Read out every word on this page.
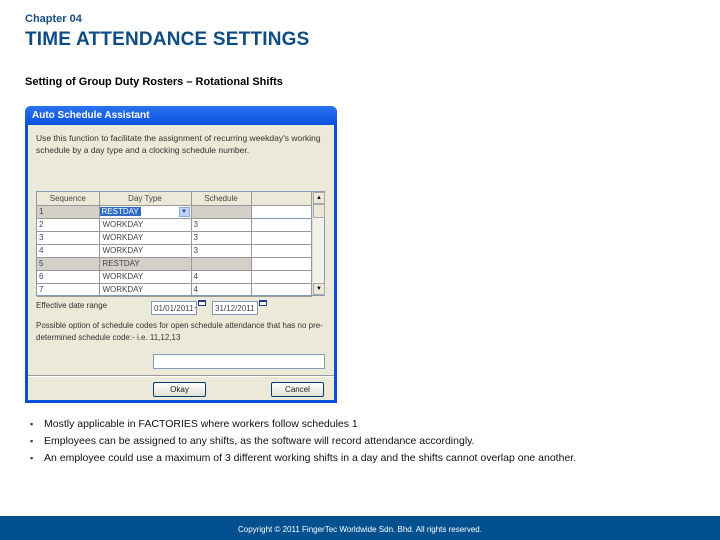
Chapter 04
TIME ATTENDANCE SETTINGS
Setting of Group Duty Rosters – Rotational Shifts
Auto Schedule Assistant
Use this function to facilitate the assignment of recurring weekday's working schedule by a day type and a clocking schedule number.
Sequence	Day Type	Schedule	
1	RESTDAY ▼		

2	WORKDAY	3	
3	WORKDAY	3	
4	WORKDAY	3	
5	RESTDAY		
6	WORKDAY	4	
7	WORKDAY	4	
▲
▼
Effective date range	01/01/2011 -	31/12/2011
Possible option of schedule codes for open schedule attendance that has no pre-determined schedule code:- i.e. 11,12,13
Okay	Cancel
▪ Mostly applicable in FACTORIES where workers follow schedules 1
▪ Employees can be assigned to any shifts, as the software will record attendance accordingly.
▪ An employee could use a maximum of 3 different working shifts in a day and the shifts cannot overlap one another.
Copyright © 2011 FingerTec Worldwide Sdn. Bhd. All rights reserved.
